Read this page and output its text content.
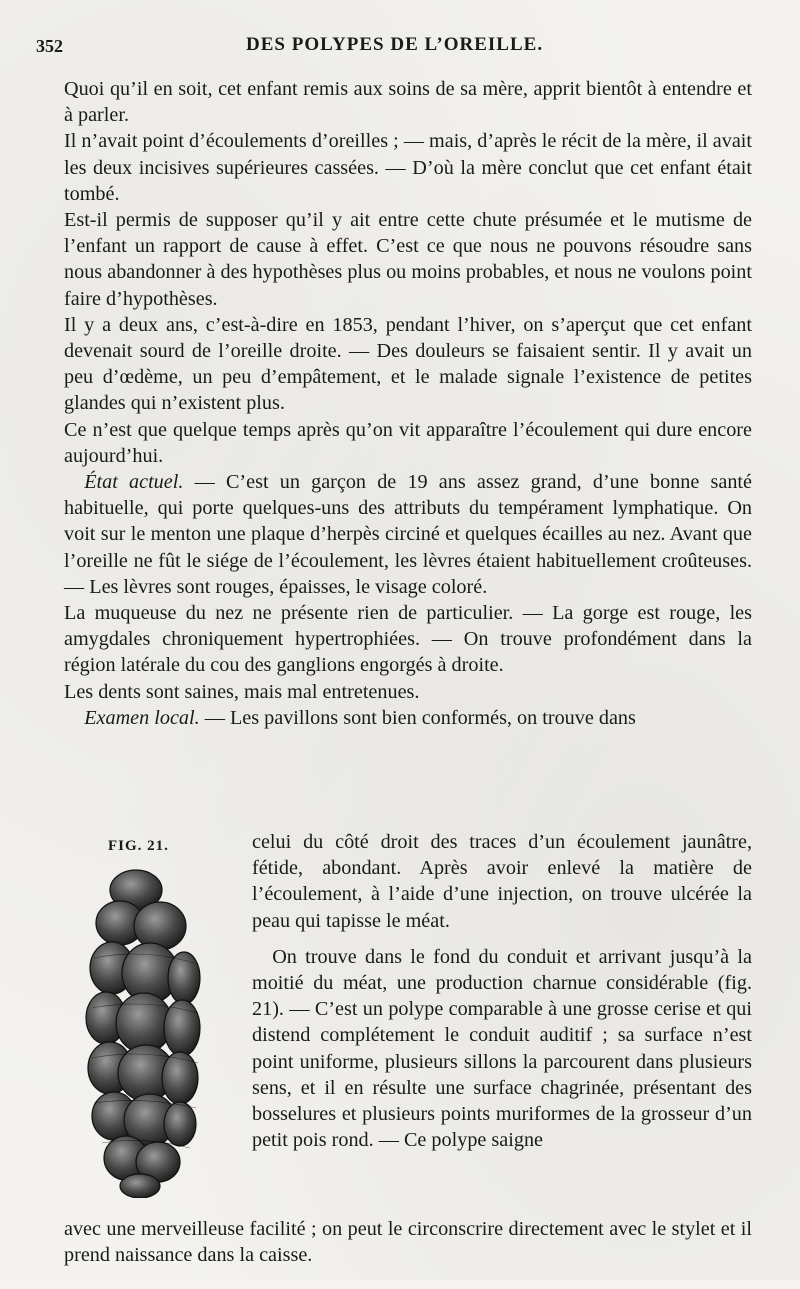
352	DES POLYPES DE L’OREILLE.

Quoi qu’il en soit, cet enfant remis aux soins de sa mère, apprit bientôt à entendre et à parler.

Il n’avait point d’écoulements d’oreilles ; — mais, d’après le récit de la mère, il avait les deux incisives supérieures cassées. — D’où la mère conclut que cet enfant était tombé.

Est-il permis de supposer qu’il y ait entre cette chute présumée et le mutisme de l’enfant un rapport de cause à effet. C’est ce que nous ne pouvons résoudre sans nous abandonner à des hypothèses plus ou moins probables, et nous ne voulons point faire d’hypothèses.

Il y a deux ans, c’est-à-dire en 1853, pendant l’hiver, on s’aperçut que cet enfant devenait sourd de l’oreille droite. — Des douleurs se faisaient sentir. Il y avait un peu d’œdème, un peu d’empâtement, et le malade signale l’existence de petites glandes qui n’existent plus.

Ce n’est que quelque temps après qu’on vit apparaître l’écoulement qui dure encore aujourd’hui.

 État actuel. — C’est un garçon de 19 ans assez grand, d’une bonne santé habituelle, qui porte quelques-uns des attributs du tempérament lymphatique. On voit sur le menton une plaque d’herpès circiné et quelques écailles au nez. Avant que l’oreille ne fût le siége de l’écoulement, les lèvres étaient habituellement croûteuses. — Les lèvres sont rouges, épaisses, le visage coloré.

La muqueuse du nez ne présente rien de particulier. — La gorge est rouge, les amygdales chroniquement hypertrophiées. — On trouve profondément dans la région latérale du cou des ganglions engorgés à droite.

Les dents sont saines, mais mal entretenues.

 Examen local. — Les pavillons sont bien conformés, on trouve dans

FIG. 21.	celui du côté droit des traces d’un écoulement jaunâtre, fétide, abondant. Après avoir enlevé la matière de l’écoulement, à l’aide d’une injection, on trouve ulcérée la peau qui tapisse le méat.

On trouve dans le fond du conduit et arrivant jusqu’à la moitié du méat, une production charnue considérable (fig. 21). — C’est un polype comparable à une grosse cerise et qui distend complétement le conduit auditif ; sa surface n’est point uniforme, plusieurs sillons la parcourent dans plusieurs sens, et il en résulte une surface chagrinée, présentant des bosselures et plusieurs points muriformes de la grosseur d’un petit pois rond. — Ce polype saigne

avec une merveilleuse facilité ; on peut le circonscrire directement avec le stylet et il prend naissance dans la caisse.
